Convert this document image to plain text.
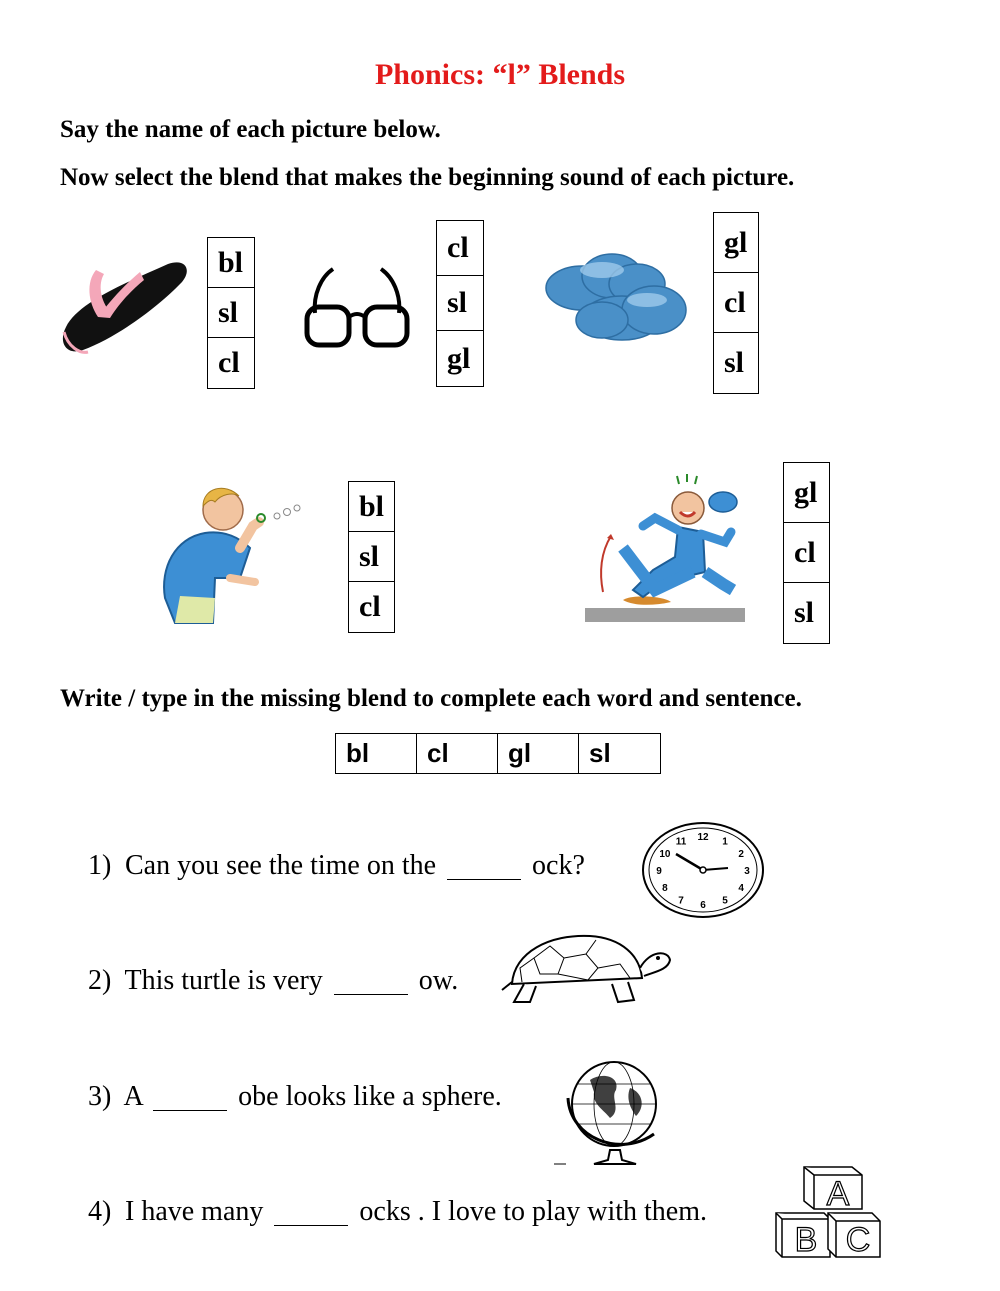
Phonics: “l” Blends
Say the name of each picture below.
Now select the blend that makes the beginning sound of each picture.
bl
sl
cl
cl
sl
gl
gl
cl
sl
bl
sl
cl
gl
cl
sl
Write / type in the missing blend to complete each word and sentence.
bl	cl	gl	sl
1) Can you see the time on the	ock?
12 1
2
3
4
5
6
7
8
9
10
11
2) This turtle is very	ow.
3) A	obe looks like a sphere.
4) I have many	ocks . I love to play with them.	A
B C
